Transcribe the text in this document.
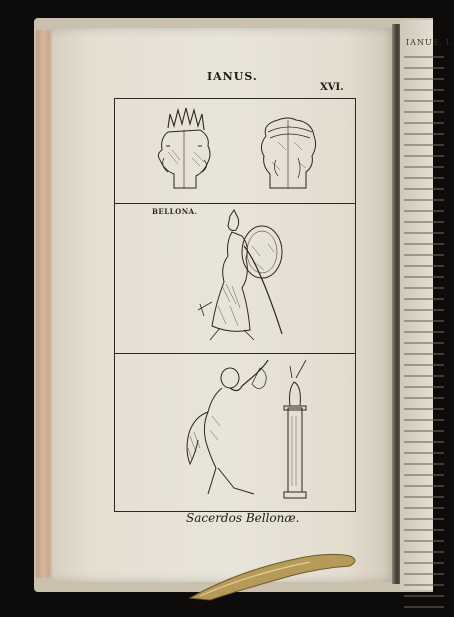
IANUS. I.
IANUS.
XVI.
BELLONA.
Sacerdos Bellonæ.
